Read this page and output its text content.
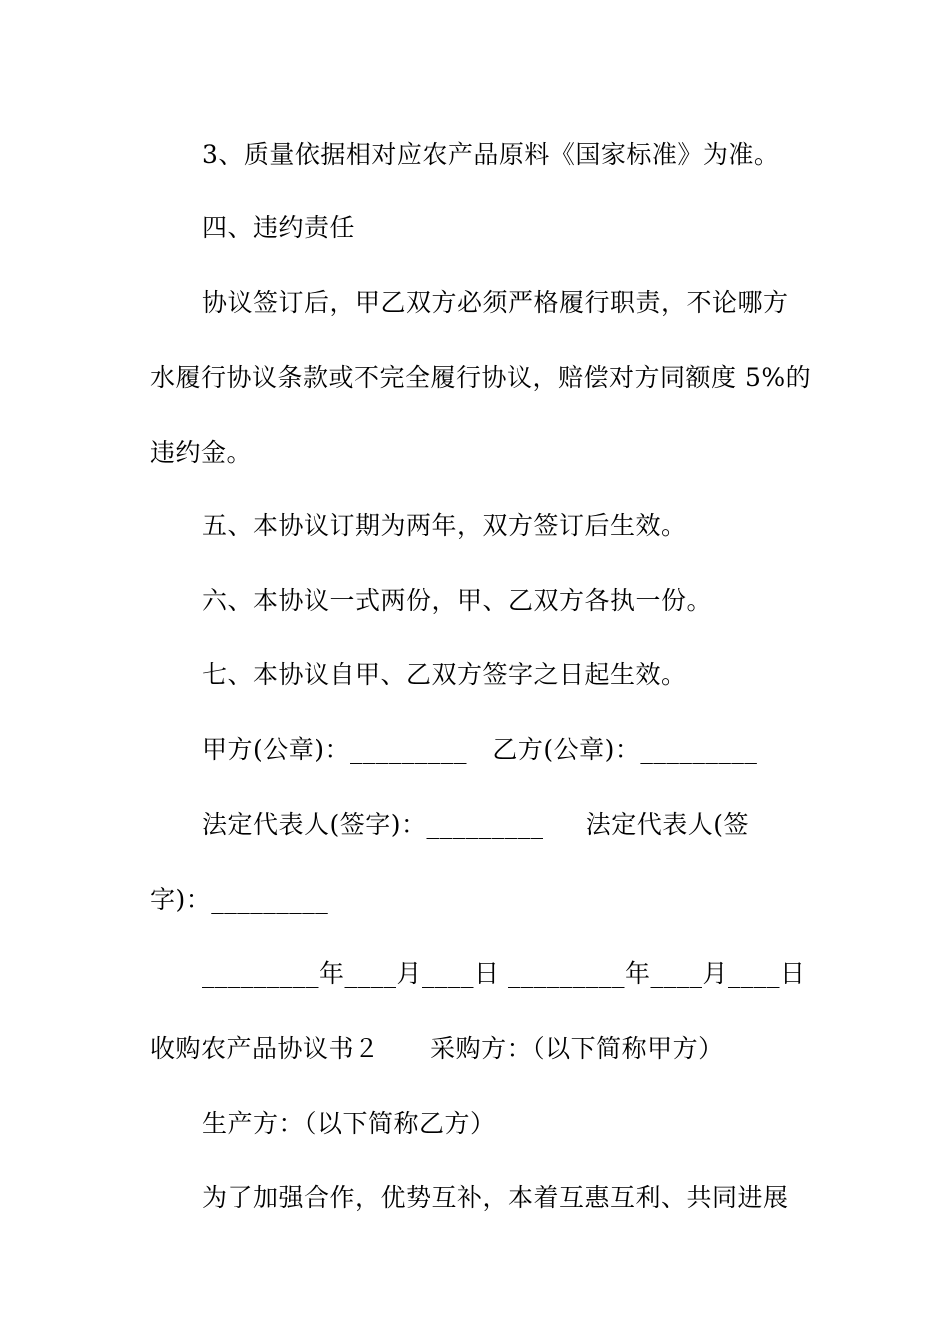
3、质量依据相对应农产品原料《国家标准》为准。
四、违约责任
协议签订后，甲乙双方必须严格履行职责，不论哪方
水履行协议条款或不完全履行协议，赔偿对方同额度 5%的
违约金。
五、本协议订期为两年，双方签订后生效。
六、本协议一式两份，甲、乙双方各执一份。
七、本协议自甲、乙双方签字之日起生效。
甲方(公章)：_________   乙方(公章)：_________
法定代表人(签字)：_________     法定代表人(签
字)：_________
_________年____月____日 _________年____月____日
收购农产品协议书２      采购方：（以下简称甲方）
生产方：（以下简称乙方）
为了加强合作，优势互补，本着互惠互利、共同进展
